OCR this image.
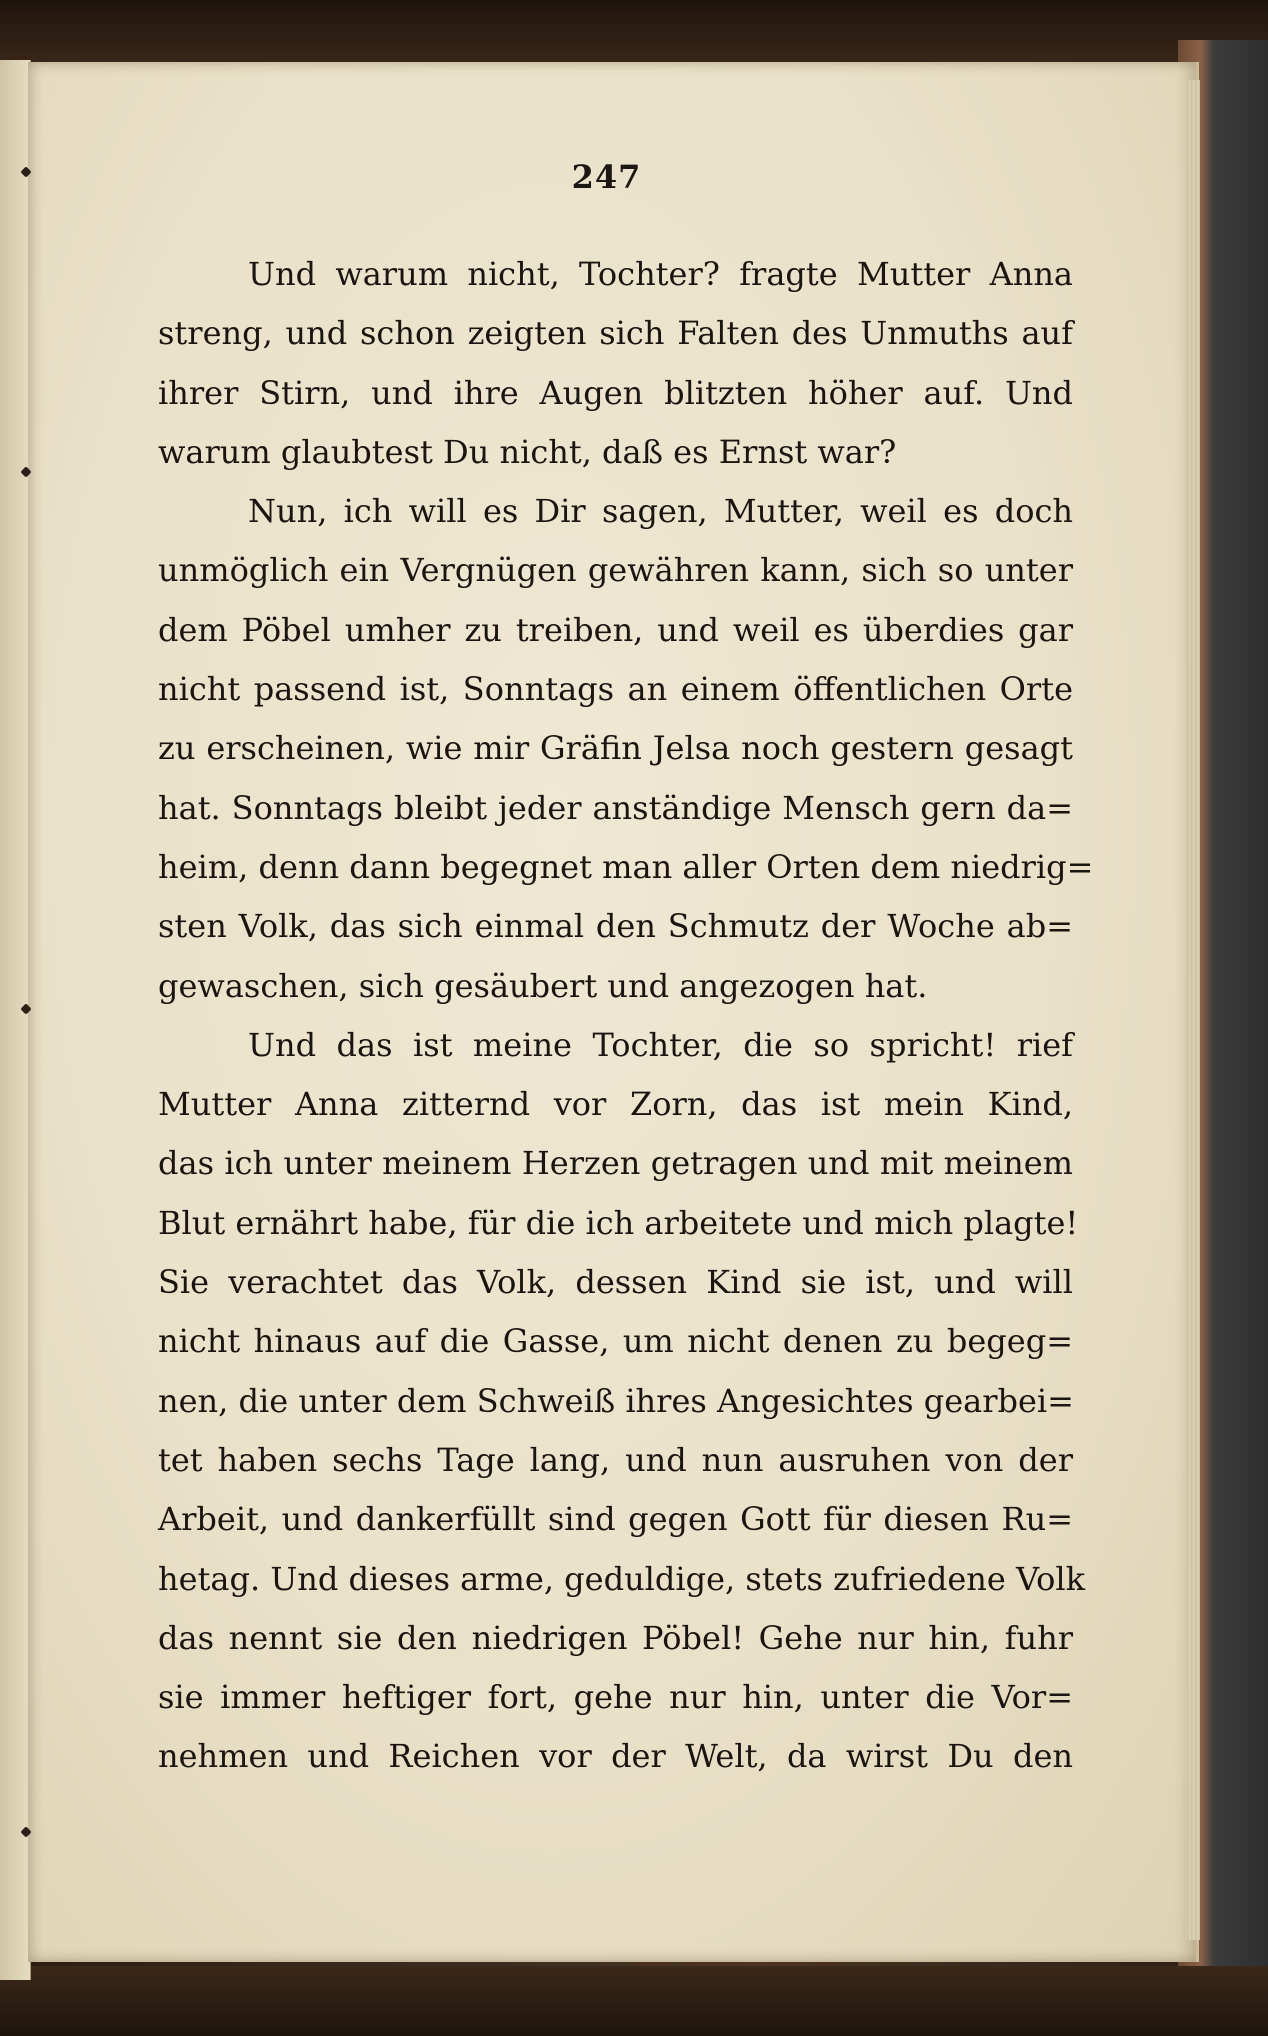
247
Und warum nicht, Tochter? fragte Mutter Anna
streng, und schon zeigten sich Falten des Unmuths auf
ihrer Stirn, und ihre Augen blitzten höher auf. Und
warum glaubtest Du nicht, daß es Ernst war?
Nun, ich will es Dir sagen, Mutter, weil es doch
unmöglich ein Vergnügen gewähren kann, sich so unter
dem Pöbel umher zu treiben, und weil es überdies gar
nicht passend ist, Sonntags an einem öffentlichen Orte
zu erscheinen, wie mir Gräfin Jelsa noch gestern gesagt
hat. Sonntags bleibt jeder anständige Mensch gern da=
heim, denn dann begegnet man aller Orten dem niedrig=
sten Volk, das sich einmal den Schmutz der Woche ab=
gewaschen, sich gesäubert und angezogen hat.
Und das ist meine Tochter, die so spricht! rief
Mutter Anna zitternd vor Zorn, das ist mein Kind,
das ich unter meinem Herzen getragen und mit meinem
Blut ernährt habe, für die ich arbeitete und mich plagte!
Sie verachtet das Volk, dessen Kind sie ist, und will
nicht hinaus auf die Gasse, um nicht denen zu begeg=
nen, die unter dem Schweiß ihres Angesichtes gearbei=
tet haben sechs Tage lang, und nun ausruhen von der
Arbeit, und dankerfüllt sind gegen Gott für diesen Ru=
hetag. Und dieses arme, geduldige, stets zufriedene Volk
das nennt sie den niedrigen Pöbel! Gehe nur hin, fuhr
sie immer heftiger fort, gehe nur hin, unter die Vor=
nehmen und Reichen vor der Welt, da wirst Du den
